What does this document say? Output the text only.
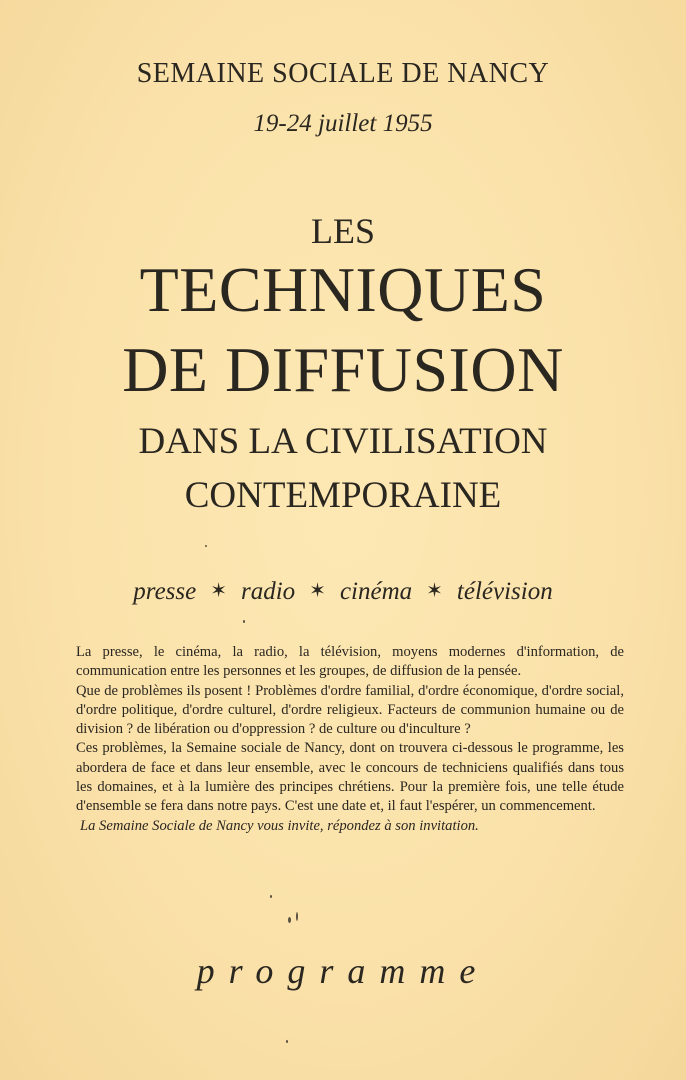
SEMAINE SOCIALE DE NANCY
19-24 juillet 1955
LES
TECHNIQUES
DE DIFFUSION
DANS LA CIVILISATION
CONTEMPORAINE
presse ✶ radio ✶ cinéma ✶ télévision

La presse, le cinéma, la radio, la télévision, moyens modernes d'information, de communication entre les personnes et les groupes, de diffusion de la pensée.

Que de problèmes ils posent ! Problèmes d'ordre familial, d'ordre économique, d'ordre social, d'ordre politique, d'ordre culturel, d'ordre religieux. Facteurs de communion humaine ou de division ? de libération ou d'oppression ? de culture ou d'inculture ?

Ces problèmes, la Semaine sociale de Nancy, dont on trouvera ci-dessous le programme, les abordera de face et dans leur ensemble, avec le concours de techniciens qualifiés dans tous les domaines, et à la lumière des principes chrétiens. Pour la première fois, une telle étude d'ensemble se fera dans notre pays. C'est une date et, il faut l'espérer, un commencement.

La Semaine Sociale de Nancy vous invite, répondez à son invitation.

programme
